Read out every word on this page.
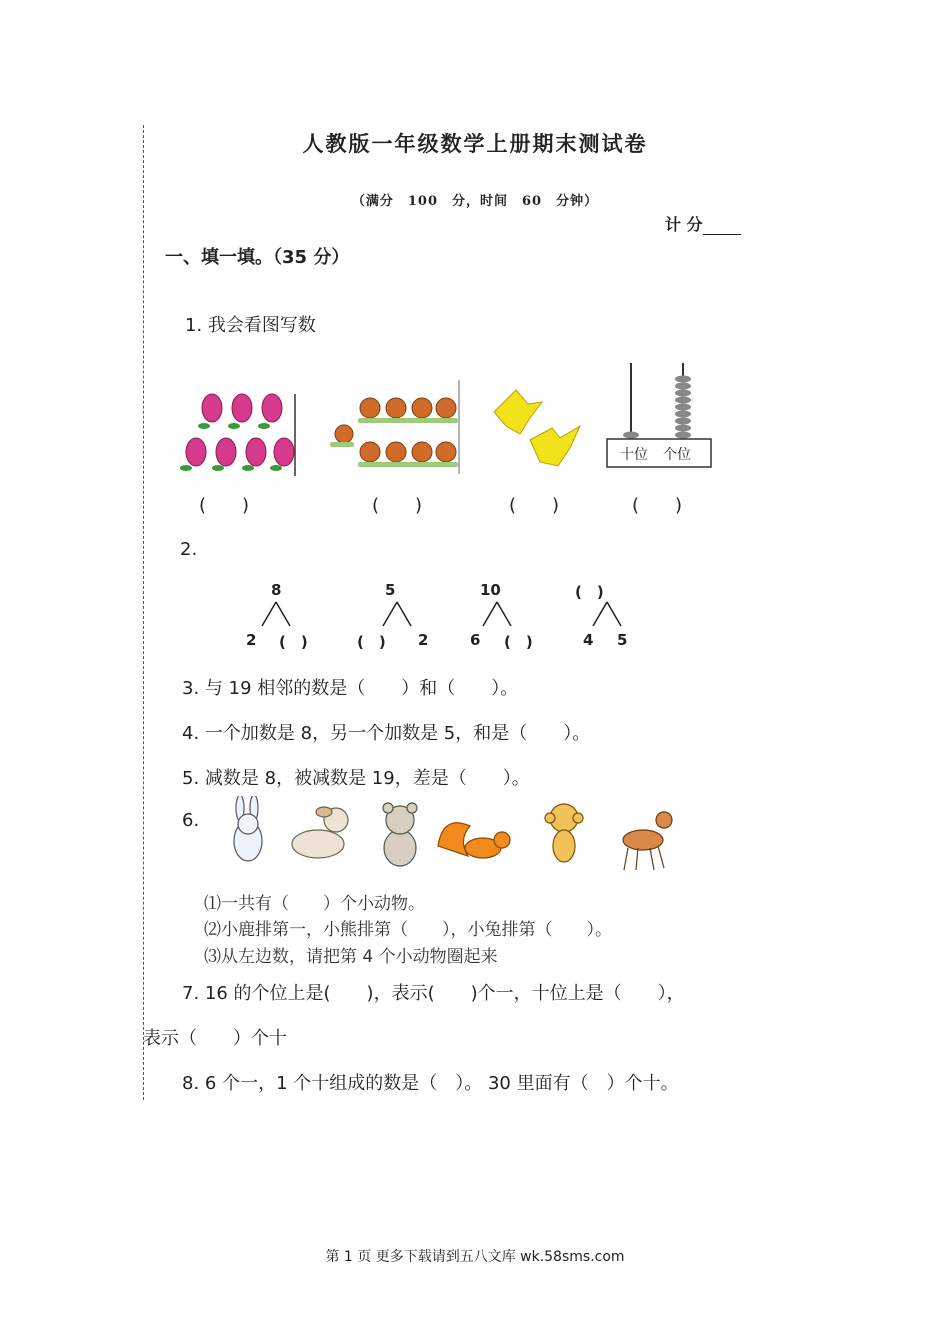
人教版一年级数学上册期末测试卷
（满分　100　分，时间　60　分钟）
计 分
一、填一填。（35 分）
1. 我会看图写数
十位 个位
(　　)	(　　)	(　　)	(　　)
2.
8
2 (　)
5
(　) 2
10
6 (　)
(　)
4 5
3. 与 19 相邻的数是（　　）和（　　）。
4. 一个加数是 8，另一个加数是 5，和是（　　）。
5. 减数是 8，被减数是 19，差是（　　）。
6.
⑴一共有（　　）个小动物。
⑵小鹿排第一，小熊排第（　　），小兔排第（　　）。
⑶从左边数，请把第 4 个小动物圈起来
7. 16 的个位上是(　　)，表示(　　)个一，十位上是（　　），
表示（　　）个十
8. 6 个一，1 个十组成的数是（　）。 30 里面有（　）个十。
第 1 页 更多下载请到五八文库 wk.58sms.com
